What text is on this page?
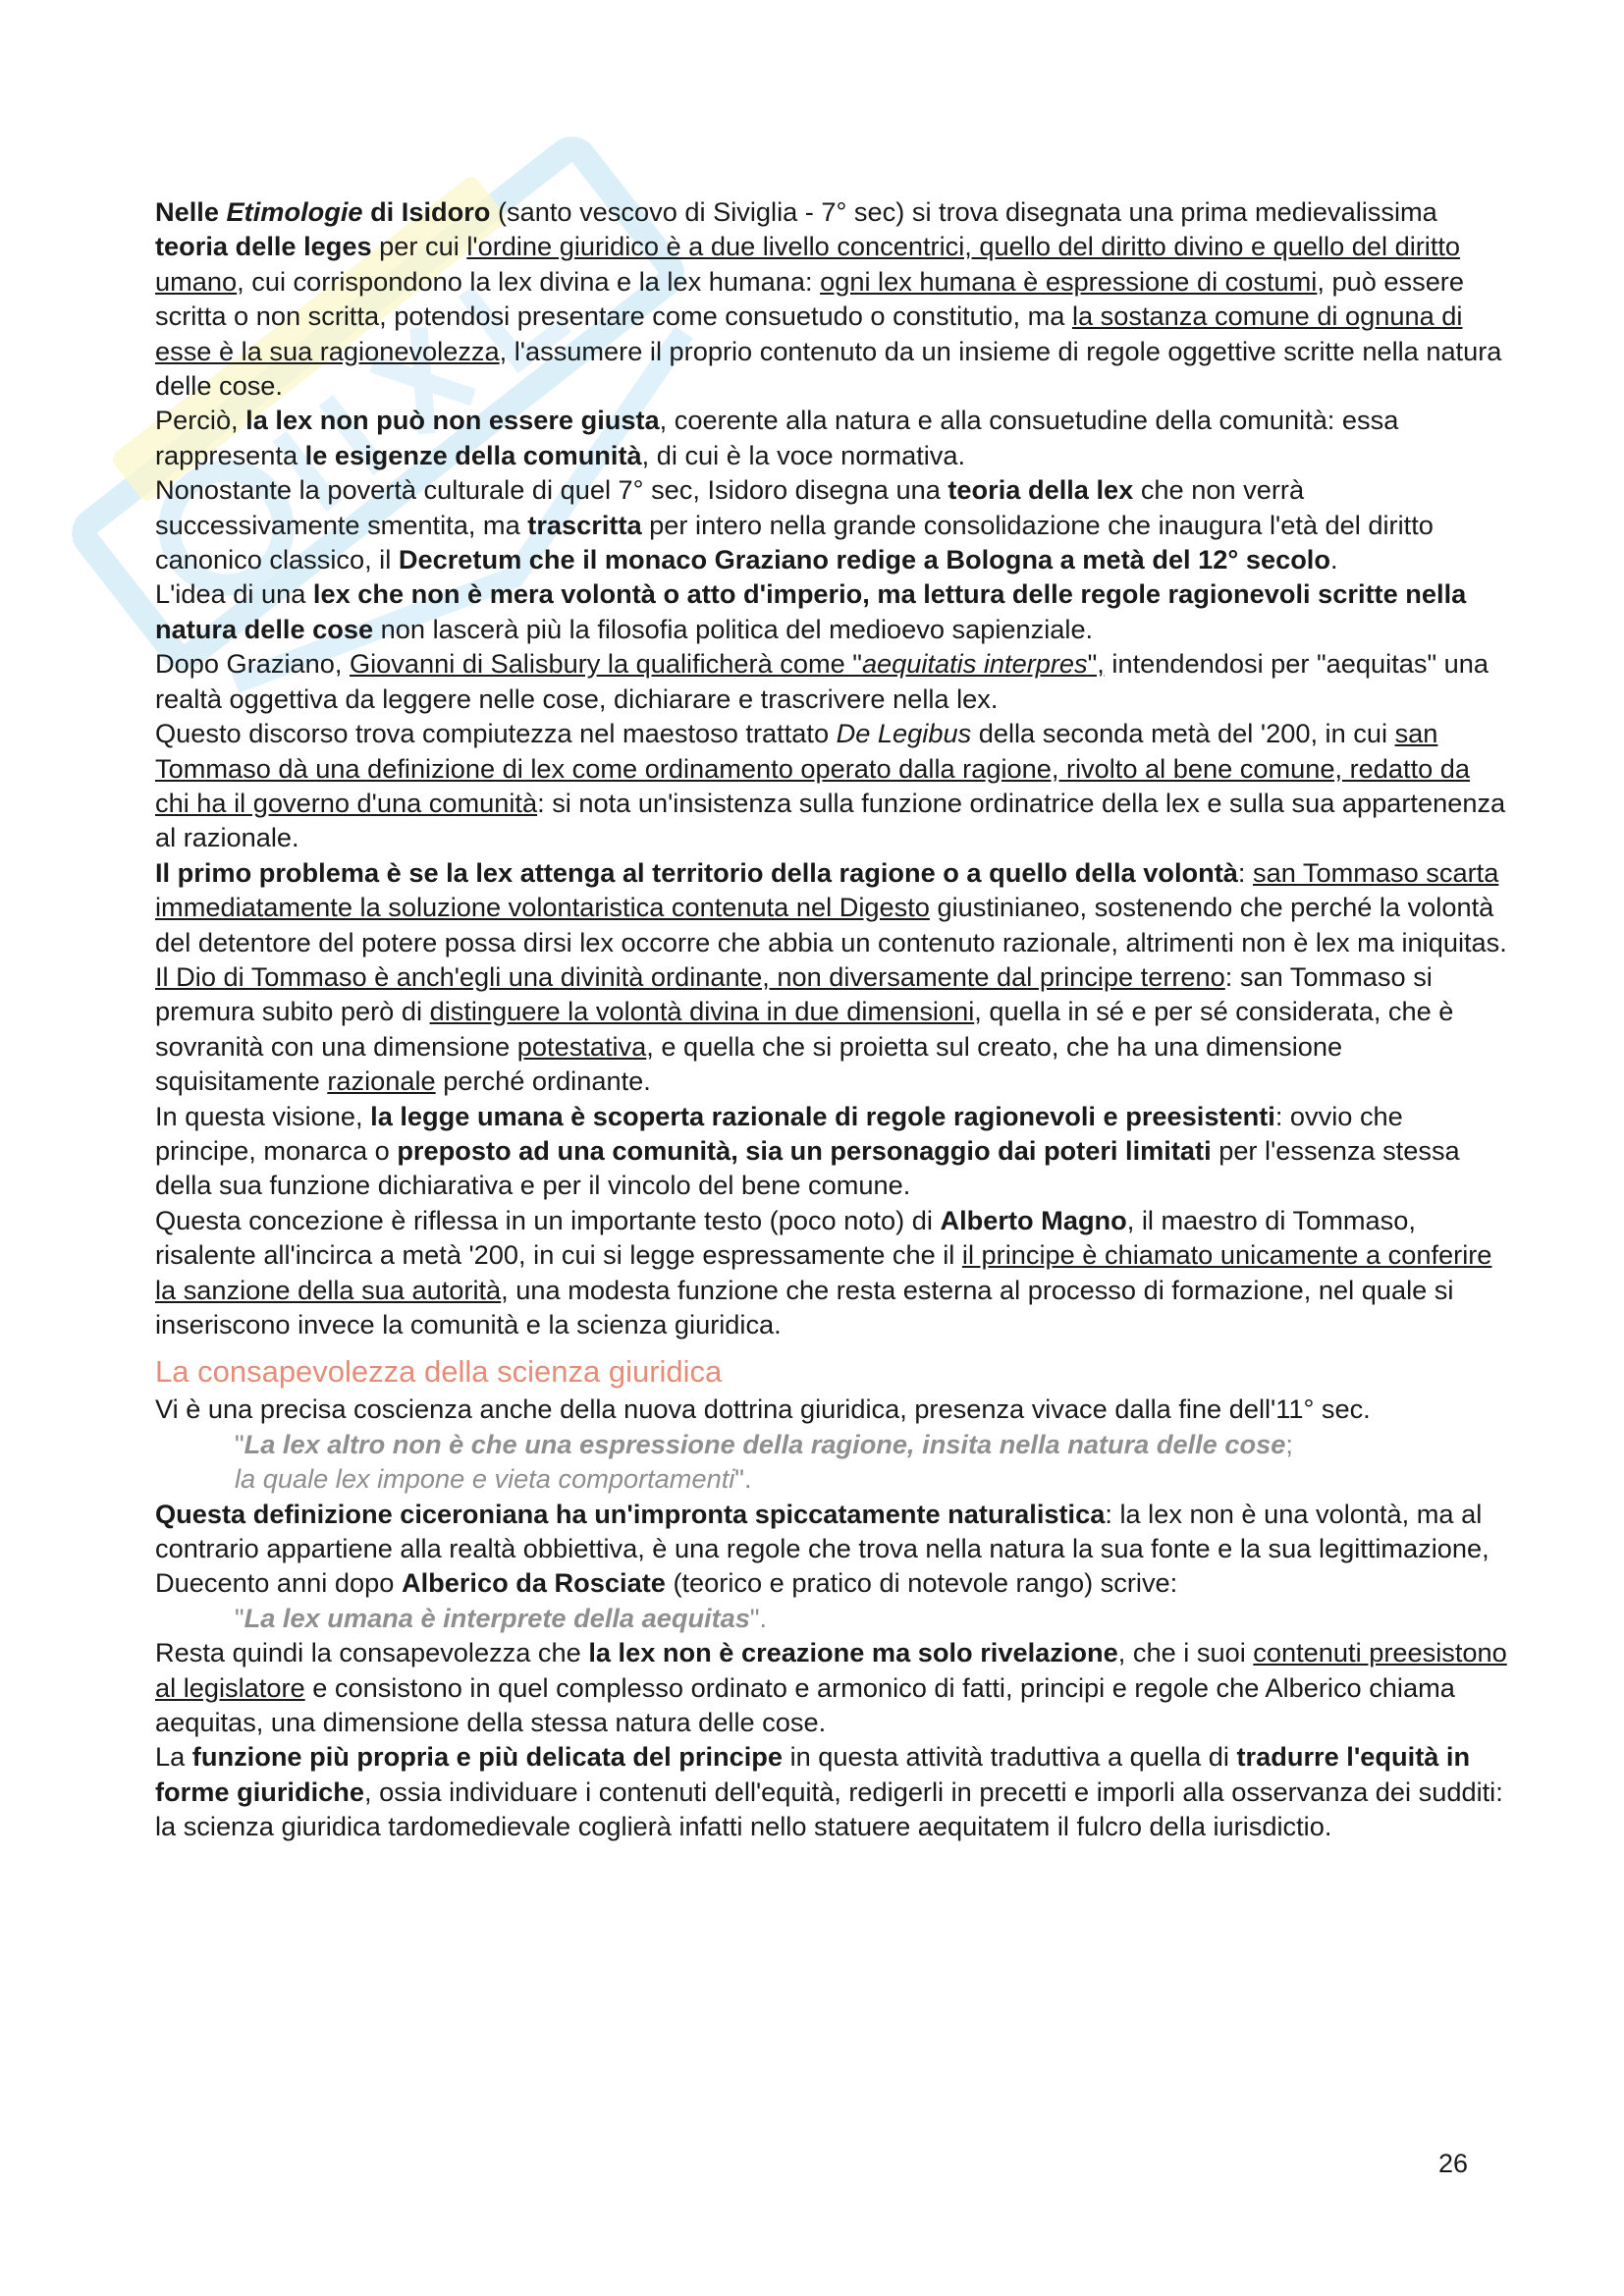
Nelle Etimologie di Isidoro (santo vescovo di Siviglia - 7° sec) si trova disegnata una prima medievalissima teoria delle leges per cui l'ordine giuridico è a due livello concentrici, quello del diritto divino e quello del diritto umano, cui corrispondono la lex divina e la lex humana: ogni lex humana è espressione di costumi, può essere scritta o non scritta, potendosi presentare come consuetudo o constitutio, ma la sostanza comune di ognuna di esse è la sua ragionevolezza, l'assumere il proprio contenuto da un insieme di regole oggettive scritte nella natura delle cose.

Perciò, la lex non può non essere giusta, coerente alla natura e alla consuetudine della comunità: essa rappresenta le esigenze della comunità, di cui è la voce normativa.

Nonostante la povertà culturale di quel 7° sec, Isidoro disegna una teoria della lex che non verrà successivamente smentita, ma trascritta per intero nella grande consolidazione che inaugura l'età del diritto canonico classico, il Decretum che il monaco Graziano redige a Bologna a metà del 12° secolo.

L'idea di una lex che non è mera volontà o atto d'imperio, ma lettura delle regole ragionevoli scritte nella natura delle cose non lascerà più la filosofia politica del medioevo sapienziale.

Dopo Graziano, Giovanni di Salisbury la qualificherà come "aequitatis interpres", intendendosi per "aequitas" una realtà oggettiva da leggere nelle cose, dichiarare e trascrivere nella lex.

Questo discorso trova compiutezza nel maestoso trattato De Legibus della seconda metà del '200, in cui san Tommaso dà una definizione di lex come ordinamento operato dalla ragione, rivolto al bene comune, redatto da chi ha il governo d'una comunità: si nota un'insistenza sulla funzione ordinatrice della lex e sulla sua appartenenza al razionale.

Il primo problema è se la lex attenga al territorio della ragione o a quello della volontà: san Tommaso scarta immediatamente la soluzione volontaristica contenuta nel Digesto giustinianeo, sostenendo che perché la volontà del detentore del potere possa dirsi lex occorre che abbia un contenuto razionale, altrimenti non è lex ma iniquitas.

Il Dio di Tommaso è anch'egli una divinità ordinante, non diversamente dal principe terreno: san Tommaso si premura subito però di distinguere la volontà divina in due dimensioni, quella in sé e per sé considerata, che è sovranità con una dimensione potestativa, e quella che si proietta sul creato, che ha una dimensione squisitamente razionale perché ordinante.

In questa visione, la legge umana è scoperta razionale di regole ragionevoli e preesistenti: ovvio che principe, monarca o preposto ad una comunità, sia un personaggio dai poteri limitati per l'essenza stessa della sua funzione dichiarativa e per il vincolo del bene comune.

Questa concezione è riflessa in un importante testo (poco noto) di Alberto Magno, il maestro di Tommaso, risalente all'incirca a metà '200, in cui si legge espressamente che il il principe è chiamato unicamente a conferire la sanzione della sua autorità, una modesta funzione che resta esterna al processo di formazione, nel quale si inseriscono invece la comunità e la scienza giuridica.

La consapevolezza della scienza giuridica

Vi è una precisa coscienza anche della nuova dottrina giuridica, presenza vivace dalla fine dell'11° sec.

"La lex altro non è che una espressione della ragione, insita nella natura delle cose;
la quale lex impone e vieta comportamenti".

Questa definizione ciceroniana ha un'impronta spiccatamente naturalistica: la lex non è una volontà, ma al contrario appartiene alla realtà obbiettiva, è una regole che trova nella natura la sua fonte e la sua legittimazione,

Duecento anni dopo Alberico da Rosciate (teorico e pratico di notevole rango) scrive:

"La lex umana è interprete della aequitas".

Resta quindi la consapevolezza che la lex non è creazione ma solo rivelazione, che i suoi contenuti preesistono al legislatore e consistono in quel complesso ordinato e armonico di fatti, principi e regole che Alberico chiama aequitas, una dimensione della stessa natura delle cose.

La funzione più propria e più delicata del principe in questa attività traduttiva a quella di tradurre l'equità in forme giuridiche, ossia individuare i contenuti dell'equità, redigerli in precetti e imporli alla osservanza dei sudditi: la scienza giuridica tardomedievale coglierà infatti nello statuere aequitatem il fulcro della iurisdictio.

26
